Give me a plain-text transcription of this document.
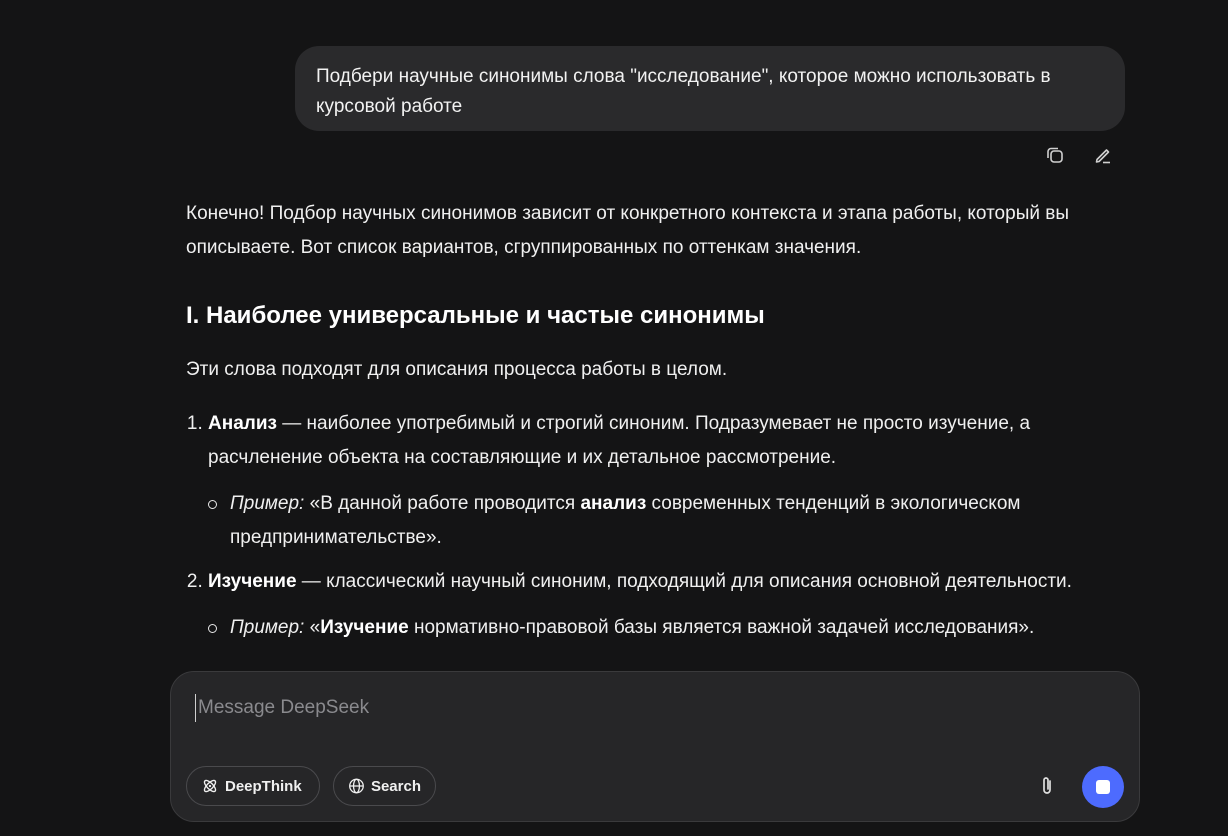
Подбери научные синонимы слова "исследование", которое можно использовать в курсовой работе

Конечно! Подбор научных синонимов зависит от конкретного контекста и этапа работы, который вы описываете. Вот список вариантов, сгруппированных по оттенкам значения.

I. Наиболее универсальные и частые синонимы

Эти слова подходят для описания процесса работы в целом.

1. Анализ — наиболее употребимый и строгий синоним. Подразумевает не просто изучение, а расчленение объекта на составляющие и их детальное рассмотрение.
Пример: «В данной работе проводится анализ современных тенденций в экологическом предпринимательстве».
2. Изучение — классический научный синоним, подходящий для описания основной деятельности.
Пример: «Изучение нормативно-правовой базы является важной задачей исследования».
Message DeepSeek
DeepThink	Search
